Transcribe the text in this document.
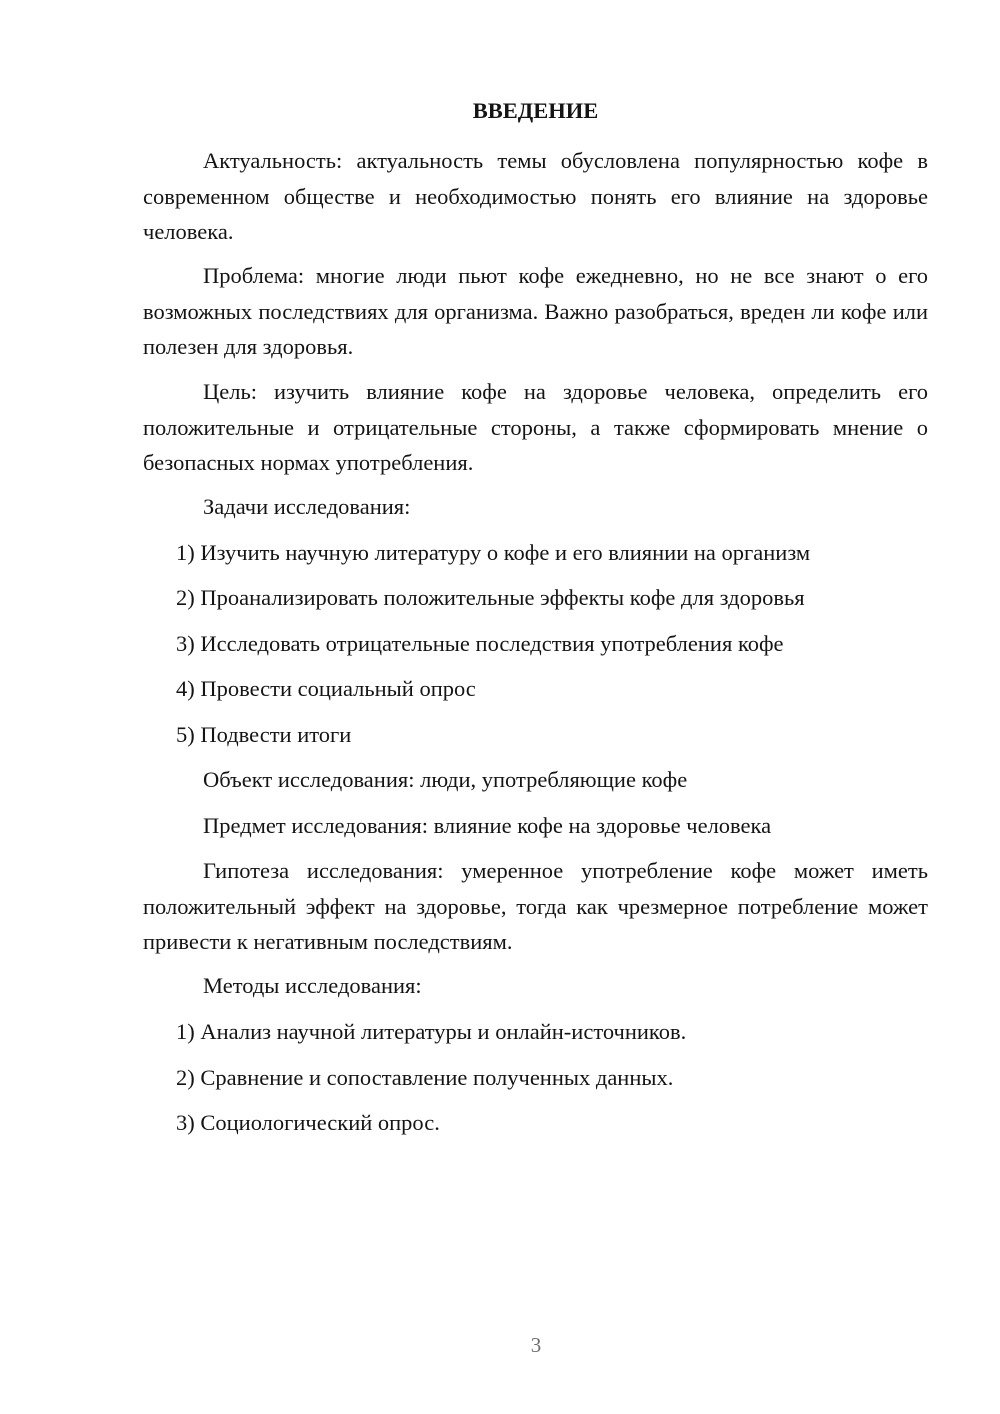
ВВЕДЕНИЕ

Актуальность: актуальность темы обусловлена популярностью кофе в современном обществе и необходимостью понять его влияние на здоровье человека.

Проблема: многие люди пьют кофе ежедневно, но не все знают о его возможных последствиях для организма. Важно разобраться, вреден ли кофе или полезен для здоровья.

Цель: изучить влияние кофе на здоровье человека, определить его положительные и отрицательные стороны, а также сформировать мнение о безопасных нормах употребления.

Задачи исследования:

1) Изучить научную литературу о кофе и его влиянии на организм

2) Проанализировать положительные эффекты кофе для здоровья

3) Исследовать отрицательные последствия употребления кофе

4) Провести социальный опрос

5) Подвести итоги

Объект исследования: люди, употребляющие кофе

Предмет исследования: влияние кофе на здоровье человека

Гипотеза исследования: умеренное употребление кофе может иметь положительный эффект на здоровье, тогда как чрезмерное потребление может привести к негативным последствиям.

Методы исследования:

1) Анализ научной литературы и онлайн-источников.

2) Сравнение и сопоставление полученных данных.

3) Социологический опрос.

3
